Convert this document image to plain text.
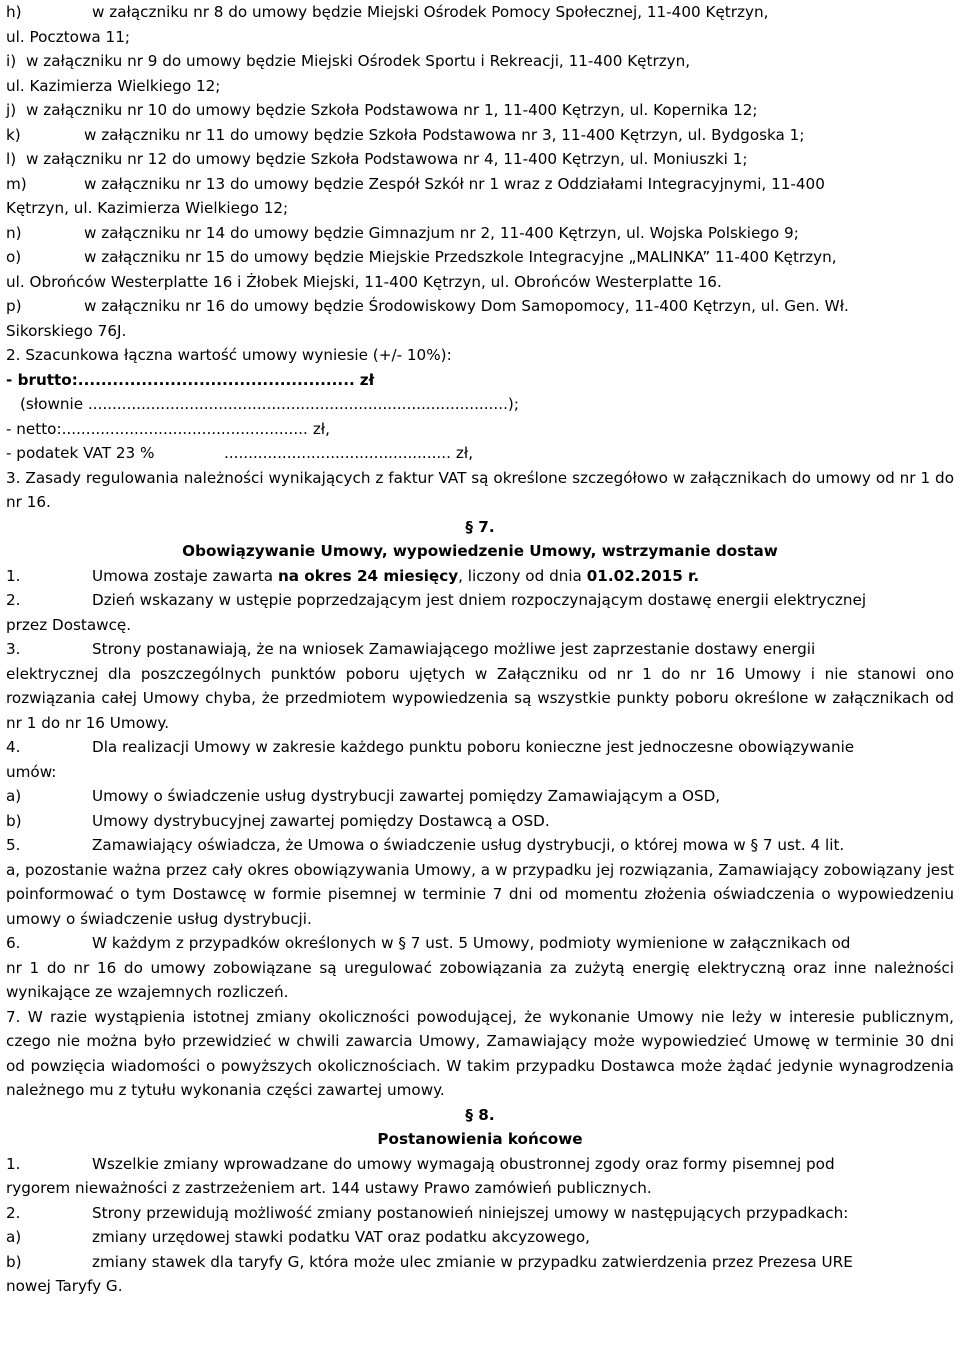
h)	w załączniku nr 8 do umowy będzie Miejski Ośrodek Pomocy Społecznej, 11-400 Kętrzyn,

ul. Pocztowa 11;

i) w załączniku nr 9 do umowy będzie Miejski Ośrodek Sportu i Rekreacji, 11-400 Kętrzyn,

ul. Kazimierza Wielkiego 12;

j) w załączniku nr 10 do umowy będzie Szkoła Podstawowa nr 1, 11-400 Kętrzyn, ul. Kopernika 12;
k)	w załączniku nr 11 do umowy będzie Szkoła Podstawowa nr 3, 11-400 Kętrzyn, ul. Bydgoska 1;
l) w załączniku nr 12 do umowy będzie Szkoła Podstawowa nr 4, 11-400 Kętrzyn, ul. Moniuszki 1;
m)	w załączniku nr 13 do umowy będzie Zespół Szkół nr 1 wraz z Oddziałami Integracyjnymi, 11-400

Kętrzyn, ul. Kazimierza Wielkiego 12;

n)	w załączniku nr 14 do umowy będzie Gimnazjum nr 2, 11-400 Kętrzyn, ul. Wojska Polskiego 9;
o)	w załączniku nr 15 do umowy będzie Miejskie Przedszkole Integracyjne „MALINKA” 11-400 Kętrzyn,

ul. Obrońców Westerplatte 16 i Żłobek Miejski, 11-400 Kętrzyn, ul. Obrońców Westerplatte 16.

p)	w załączniku nr 16 do umowy będzie Środowiskowy Dom Samopomocy, 11-400 Kętrzyn, ul. Gen. Wł.

Sikorskiego 76J.

2. Szacunkowa łączna wartość umowy wyniesie (+/- 10%):

- brutto: ................................................ zł

(słownie .......................................................................................);

- netto: ................................................... zł,
- podatek VAT 23 %	............................................... zł,

3. Zasady regulowania należności wynikających z faktur VAT są określone szczegółowo w załącznikach do umowy od nr 1 do nr 16.

§ 7.

Obowiązywanie Umowy, wypowiedzenie Umowy, wstrzymanie dostaw

1.	Umowa zostaje zawarta na okres 24 miesięcy, liczony od dnia 01.02.2015 r.
2.	Dzień wskazany w ustępie poprzedzającym jest dniem rozpoczynającym dostawę energii elektrycznej

przez Dostawcę.

3.	Strony postanawiają, że na wniosek Zamawiającego możliwe jest zaprzestanie dostawy energii

elektrycznej dla poszczególnych punktów poboru ujętych w Załączniku od nr 1 do nr 16 Umowy i nie stanowi ono rozwiązania całej Umowy chyba, że przedmiotem wypowiedzenia są wszystkie punkty poboru określone w załącznikach od nr 1 do nr 16 Umowy.

4.	Dla realizacji Umowy w zakresie każdego punktu poboru konieczne jest jednoczesne obowiązywanie

umów:

a)	Umowy o świadczenie usług dystrybucji zawartej pomiędzy Zamawiającym a OSD,
b)	Umowy dystrybucyjnej zawartej pomiędzy Dostawcą a OSD.
5.	Zamawiający oświadcza, że Umowa o świadczenie usług dystrybucji, o której mowa w § 7 ust. 4 lit.

a, pozostanie ważna przez cały okres obowiązywania Umowy, a w przypadku jej rozwiązania, Zamawiający zobowiązany jest poinformować o tym Dostawcę w formie pisemnej w terminie 7 dni od momentu złożenia oświadczenia o wypowiedzeniu umowy o świadczenie usług dystrybucji.

6.	W każdym z przypadków określonych w § 7 ust. 5 Umowy, podmioty wymienione w załącznikach od

nr 1 do nr 16 do umowy zobowiązane są uregulować zobowiązania za zużytą energię elektryczną oraz inne należności wynikające ze wzajemnych rozliczeń.

7. W razie wystąpienia istotnej zmiany okoliczności powodującej, że wykonanie Umowy nie leży w interesie publicznym, czego nie można było przewidzieć w chwili zawarcia Umowy, Zamawiający może wypowiedzieć Umowę w terminie 30 dni od powzięcia wiadomości o powyższych okolicznościach. W takim przypadku Dostawca może żądać jedynie wynagrodzenia należnego mu z tytułu wykonania części zawartej umowy.

§ 8.

Postanowienia końcowe

1.	Wszelkie zmiany wprowadzane do umowy wymagają obustronnej zgody oraz formy pisemnej pod

rygorem nieważności z zastrzeżeniem art. 144 ustawy Prawo zamówień publicznych.

2.	Strony przewidują możliwość zmiany postanowień niniejszej umowy w następujących przypadkach:
a)	zmiany urzędowej stawki podatku VAT oraz podatku akcyzowego,
b)	zmiany stawek dla taryfy G, która może ulec zmianie w przypadku zatwierdzenia przez Prezesa URE

nowej Taryfy G.
